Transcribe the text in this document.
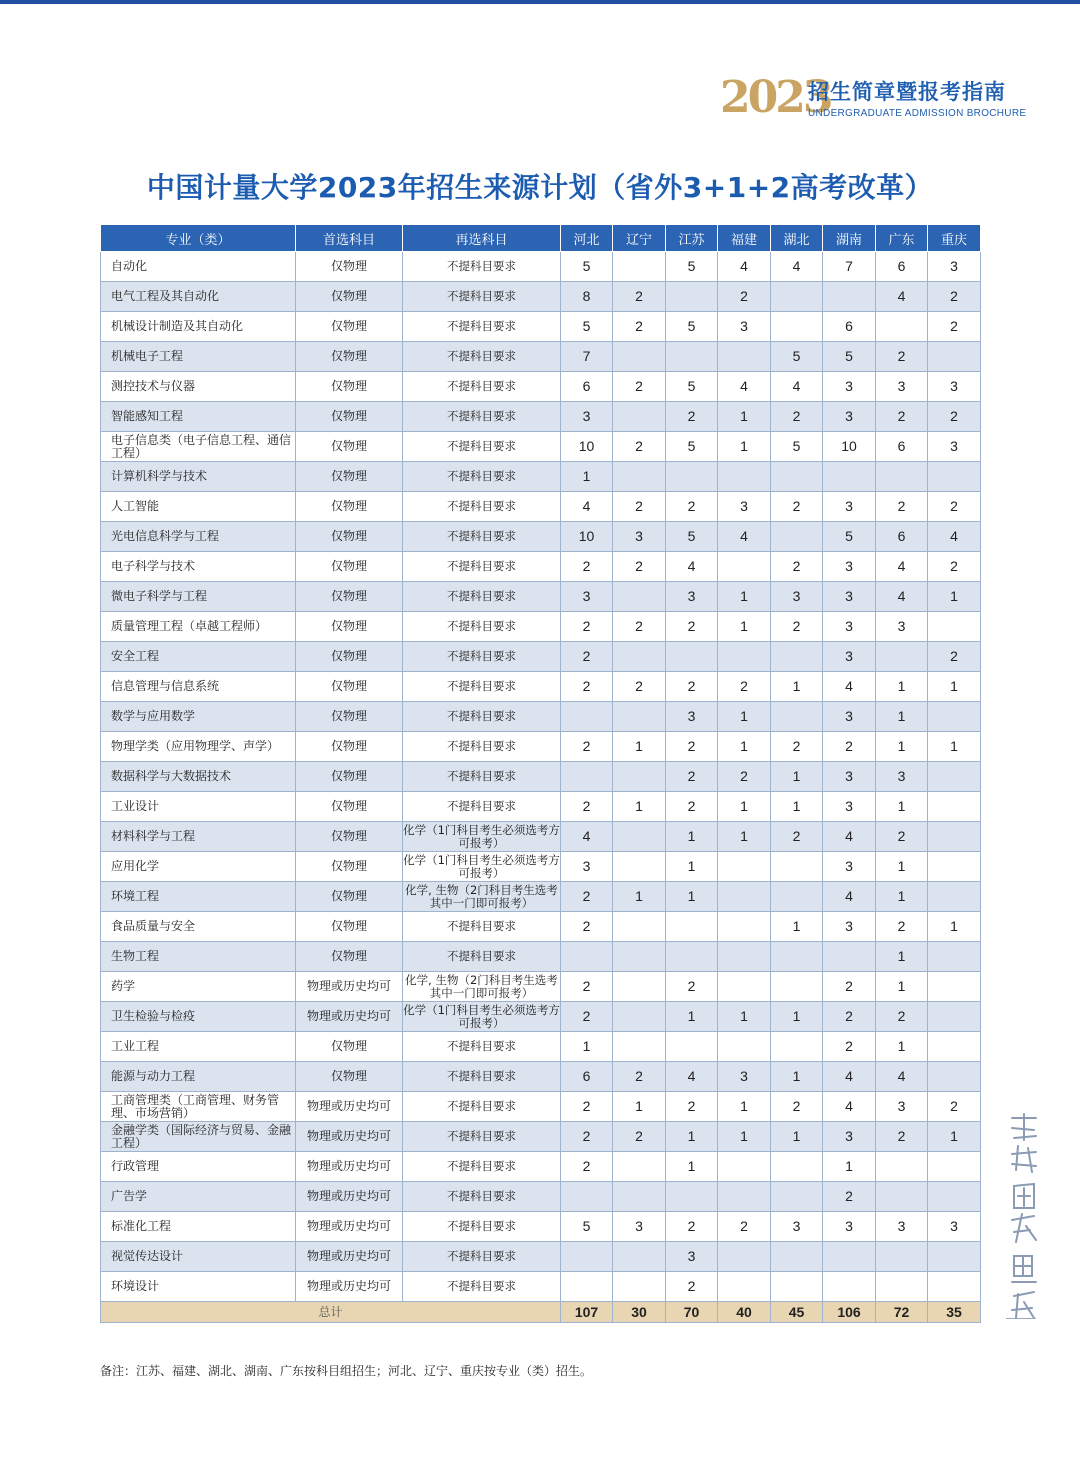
2023
招生简章暨报考指南
UNDERGRADUATE ADMISSION BROCHURE
中国计量大学2023年招生来源计划（省外3+1+2高考改革）
专业（类）	首选科目	再选科目	河北	辽宁	江苏	福建	湖北	湖南	广东	重庆
自动化	仅物理	不提科目要求	5		5	4	4	7	6	3
电气工程及其自动化	仅物理	不提科目要求	8	2		2			4	2
机械设计制造及其自动化	仅物理	不提科目要求	5	2	5	3		6		2
机械电子工程	仅物理	不提科目要求	7				5	5	2	
测控技术与仪器	仅物理	不提科目要求	6	2	5	4	4	3	3	3
智能感知工程	仅物理	不提科目要求	3		2	1	2	3	2	2
电子信息类（电子信息工程、通信工程）	仅物理	不提科目要求	10	2	5	1	5	10	6	3
计算机科学与技术	仅物理	不提科目要求	1							
人工智能	仅物理	不提科目要求	4	2	2	3	2	3	2	2
光电信息科学与工程	仅物理	不提科目要求	10	3	5	4		5	6	4
电子科学与技术	仅物理	不提科目要求	2	2	4		2	3	4	2
微电子科学与工程	仅物理	不提科目要求	3		3	1	3	3	4	1
质量管理工程（卓越工程师）	仅物理	不提科目要求	2	2	2	1	2	3	3	
安全工程	仅物理	不提科目要求	2					3		2
信息管理与信息系统	仅物理	不提科目要求	2	2	2	2	1	4	1	1
数学与应用数学	仅物理	不提科目要求			3	1		3	1	
物理学类（应用物理学、声学）	仅物理	不提科目要求	2	1	2	1	2	2	1	1
数据科学与大数据技术	仅物理	不提科目要求			2	2	1	3	3	
工业设计	仅物理	不提科目要求	2	1	2	1	1	3	1	
材料科学与工程	仅物理	化学（1门科目考生必须选考方可报考）	4		1	1	2	4	2	
应用化学	仅物理	化学（1门科目考生必须选考方可报考）	3		1			3	1	
环境工程	仅物理	化学, 生物（2门科目考生选考其中一门即可报考）	2	1	1			4	1	
食品质量与安全	仅物理	不提科目要求	2				1	3	2	1
生物工程	仅物理	不提科目要求							1	
药学	物理或历史均可	化学, 生物（2门科目考生选考其中一门即可报考）	2		2			2	1	
卫生检验与检疫	物理或历史均可	化学（1门科目考生必须选考方可报考）	2		1	1	1	2	2	
工业工程	仅物理	不提科目要求	1					2	1	
能源与动力工程	仅物理	不提科目要求	6	2	4	3	1	4	4	
工商管理类（工商管理、财务管理、市场营销）	物理或历史均可	不提科目要求	2	1	2	1	2	4	3	2
金融学类（国际经济与贸易、金融工程）	物理或历史均可	不提科目要求	2	2	1	1	1	3	2	1
行政管理	物理或历史均可	不提科目要求	2		1			1		
广告学	物理或历史均可	不提科目要求						2		
标准化工程	物理或历史均可	不提科目要求	5	3	2	2	3	3	3	3
视觉传达设计	物理或历史均可	不提科目要求			3					
环境设计	物理或历史均可	不提科目要求			2					
总计			107	30	70	40	45	106	72	35
备注：江苏、福建、湖北、湖南、广东按科目组招生；河北、辽宁、重庆按专业（类）招生。
